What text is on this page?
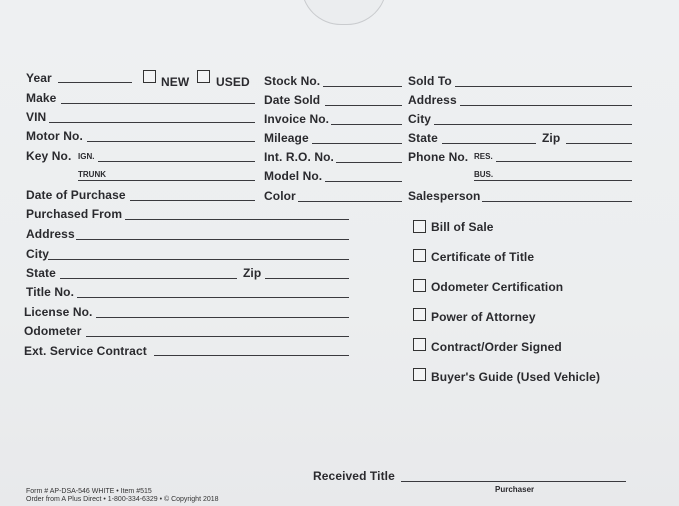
Year	NEW USED
Make
VIN
Motor No.
Key No. IGN.
TRUNK
Date of Purchase
Stock No.
Date Sold
Invoice No.
Mileage
Int. R.O. No.
Model No.
Color
Sold To
Address
City
State	Zip
Phone No. RES.
BUS.
Salesperson
Purchased From
Address
City
State	Zip
Title No.
License No.
Odometer
Ext. Service Contract
Bill of Sale
Certificate of Title
Odometer Certification
Power of Attorney
Contract/Order Signed
Buyer's Guide (Used Vehicle)
Received Title
Purchaser
Form # AP-DSA-546 WHITE • Item #515
Order from A Plus Direct • 1-800-334-6329 • © Copyright 2018
